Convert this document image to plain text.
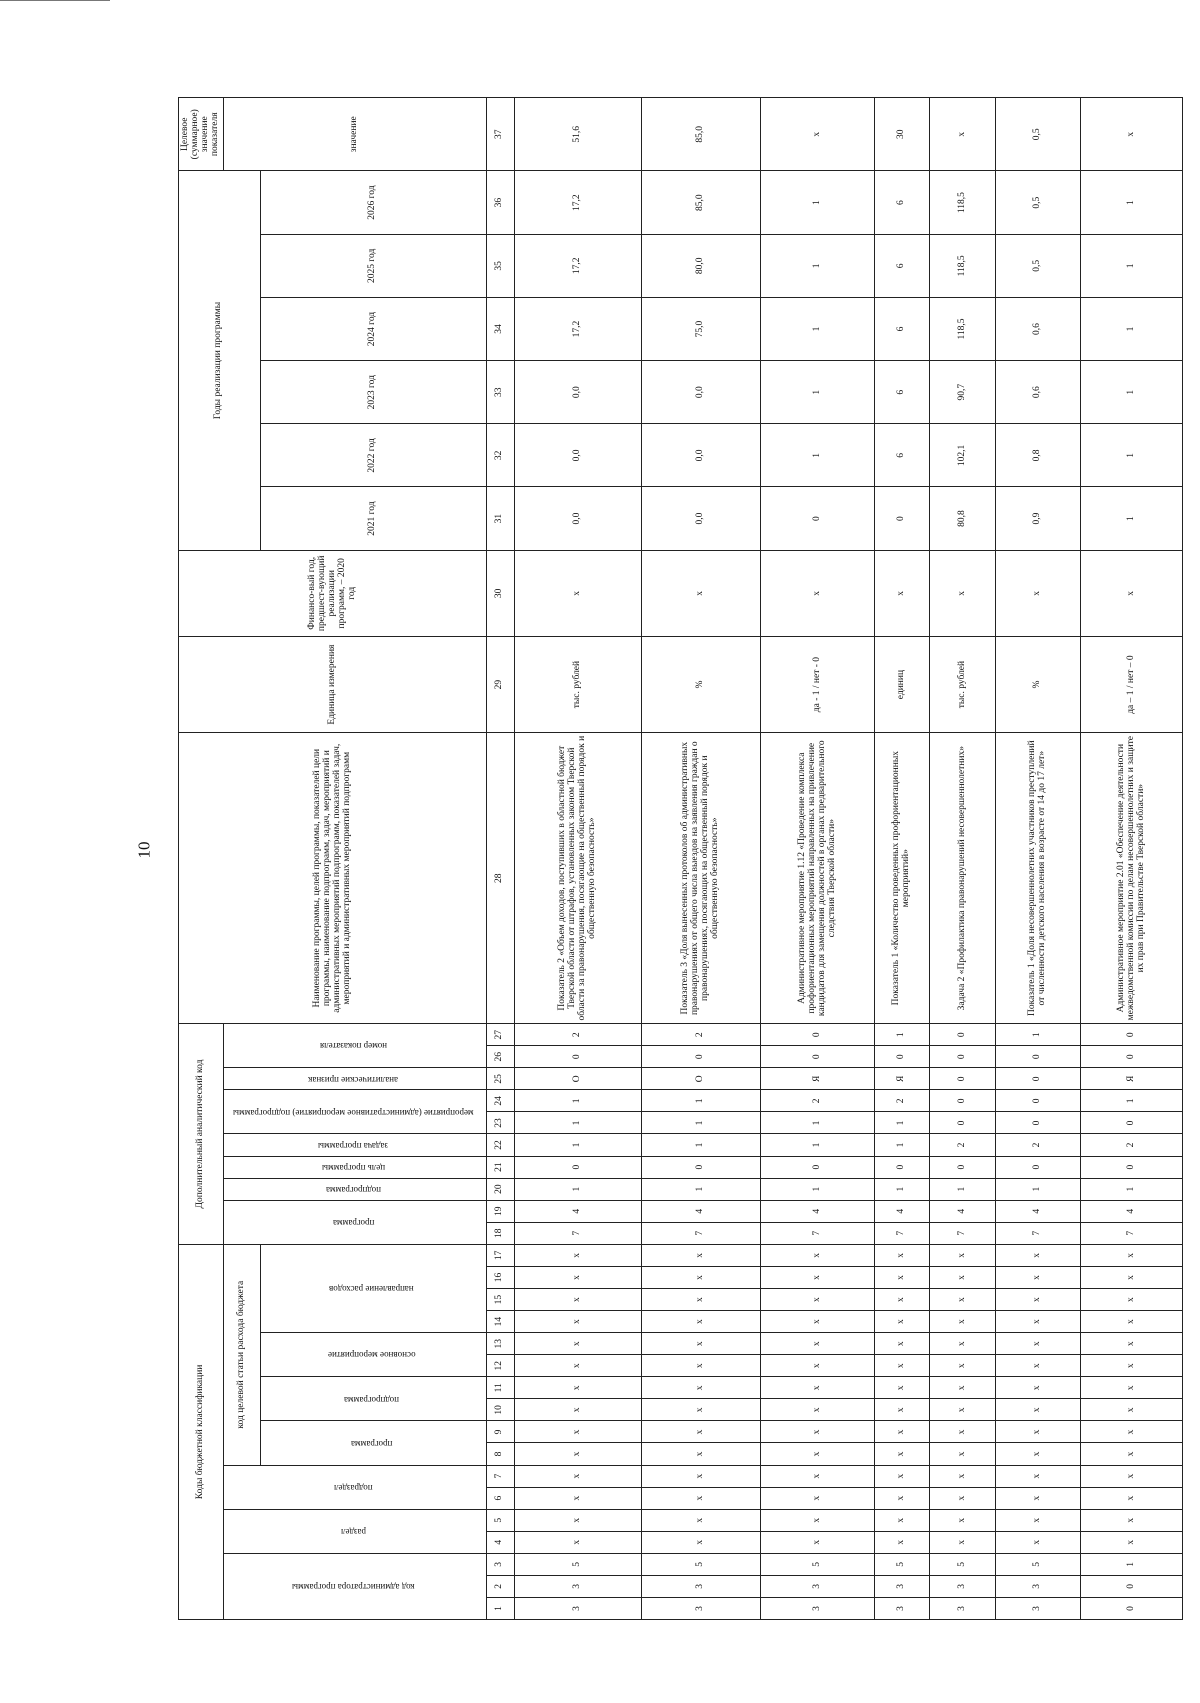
10
Коды бюджетной классификации																	Дополнительный аналитический код										Наименование программы, целей программы, показателей цели программы, наименование подпрограмм, задач, мероприятий и административных мероприятий подпрограмм, показателей задач, мероприятий и административных мероприятий подпрограмм	Единица измерения	Финансо-вый год, предшест-вующий реализации программ, – 2020 год	Годы реализации программы						Целевое (суммарное) значение показателя
код администратора программы			раздел		подраздел		код целевой статьи расхода бюджета										программа		подпрограмма	цель программы	задача программы	мероприятие (административное мероприятие) подпрограммы		аналитические признак	номер показателя											значение
							программа		подпрограмма		основное мероприятие		направление расходов																	2021 год	2022 год	2023 год	2024 год	2025 год	2026 год	

1	2	3	4	5	6	7	8	9	10	11	12	13	14	15	16	17	18	19	20	21	22	23	24	25	26	27	28	29	30	31	32	33	34	35	36	37
3	3	5	x	x	x	x	x	x	x	x	x	x	x	x	x	x	7	4	1	0	1	1	1	О	0	2	Показатель 2 «Объем доходов, поступивших в областной бюджет Тверской области от штрафов, установленных законом Тверской области за правонарушения, посягающие на общественный порядок и общественную безопасность»	тыс. рублей	x	0,0	0,0	0,0	17,2	17,2	17,2	51,6
3	3	5	x	x	x	x	x	x	x	x	x	x	x	x	x	x	7	4	1	0	1	1	1	О	0	2	Показатель 3 «Доля вынесенных протоколов об административных правонарушениях от общего числа выездов на заявления граждан о правонарушениях, посягающих на общественный порядок и общественную безопасность»	%	x	0,0	0,0	0,0	75,0	80,0	85,0	85,0
3	3	5	x	x	x	x	x	x	x	x	x	x	x	x	x	x	7	4	1	0	1	1	2	Я	0	0	Административное мероприятие 1.12 «Проведение комплекса профориентационных мероприятий направленных на привлечение кандидатов для замещения должностей в органах предварительного следствия Тверской области»	да - 1 / нет - 0	x	0	1	1	1	1	1	x
3	3	5	x	x	x	x	x	x	x	x	x	x	x	x	x	x	7	4	1	0	1	1	2	Я	0	1	Показатель 1 «Количество проведенных профориентационных мероприятий»	единиц	x	0	6	6	6	6	6	30
3	3	5	x	x	x	x	x	x	x	x	x	x	x	x	x	x	7	4	1	0	2	0	0	0	0	0	Задача 2 «Профилактика правонарушений несовершеннолетних»	тыс. рублей	x	80,8	102,1	90,7	118,5	118,5	118,5	x
3	3	5	x	x	x	x	x	x	x	x	x	x	x	x	x	x	7	4	1	0	2	0	0	0	0	1	Показатель 1 «Доля несовершеннолетних участников преступлений от численности детского населения в возрасте от 14 до 17 лет»	%	x	0,9	0,8	0,6	0,6	0,5	0,5	0,5
0	0	1	x	x	x	x	x	x	x	x	x	x	x	x	x	x	7	4	1	0	2	0	1	Я	0	0	Административное мероприятие 2.01 «Обеспечение деятельности межведомственной комиссии по делам несовершеннолетних и защите их прав при Правительстве Тверской области»	да – 1 / нет – 0	x	1	1	1	1	1	1	x
